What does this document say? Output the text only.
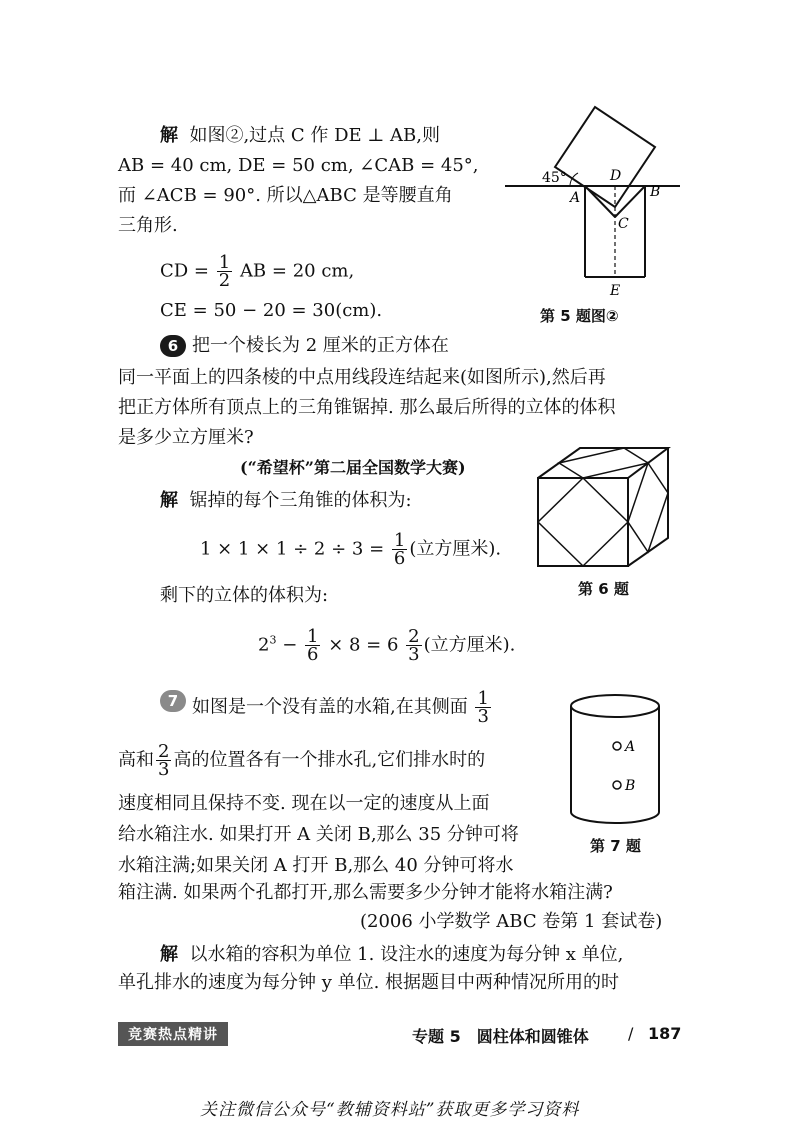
解 如图②,过点 C 作 DE ⊥ AB,则
AB = 40 cm, DE = 50 cm, ∠CAB = 45°,
而 ∠ACB = 90°. 所以△ABC 是等腰直角
三角形.
CD = $\frac{1}{2}$ AB = 20 cm,
CE = 50 − 20 = 30(cm).
45°
A	B
C
D
E
第 5 题图②
6 把一个棱长为 2 厘米的正方体在
同一平面上的四条棱的中点用线段连结起来(如图所示),然后再
把正方体所有顶点上的三角锥锯掉. 那么最后所得的立体的体积
是多少立方厘米?
(“希望杯”第二届全国数学大赛)
解 锯掉的每个三角锥的体积为:
$1 \times 1 \times 1 \div 2 \div 3 = \frac{1}{6}$ (立方厘米).
剩下的立体的体积为:
$2^3 - \frac{1}{6} \times 8 = 6 \frac{2}{3}$ (立方厘米).
第 6 题
7 如图是一个没有盖的水箱,在其侧面 $\frac{1}{3}$
高和 $\frac{2}{3}$ 高的位置各有一个排水孔,它们排水时的
速度相同且保持不变. 现在以一定的速度从上面
给水箱注水. 如果打开 A 关闭 B,那么 35 分钟可将
水箱注满;如果关闭 A 打开 B,那么 40 分钟可将水
箱注满. 如果两个孔都打开,那么需要多少分钟才能将水箱注满?
(2006 小学数学 ABC 卷第 1 套试卷)
解 以水箱的容积为单位 1. 设注水的速度为每分钟 x 单位,
单孔排水的速度为每分钟 y 单位. 根据题目中两种情况所用的时
A
B
第 7 题
竞赛热点精讲	专题 5　圆柱体和圆锥体 / 187
关注微信公众号“教辅资料站”获取更多学习资料
